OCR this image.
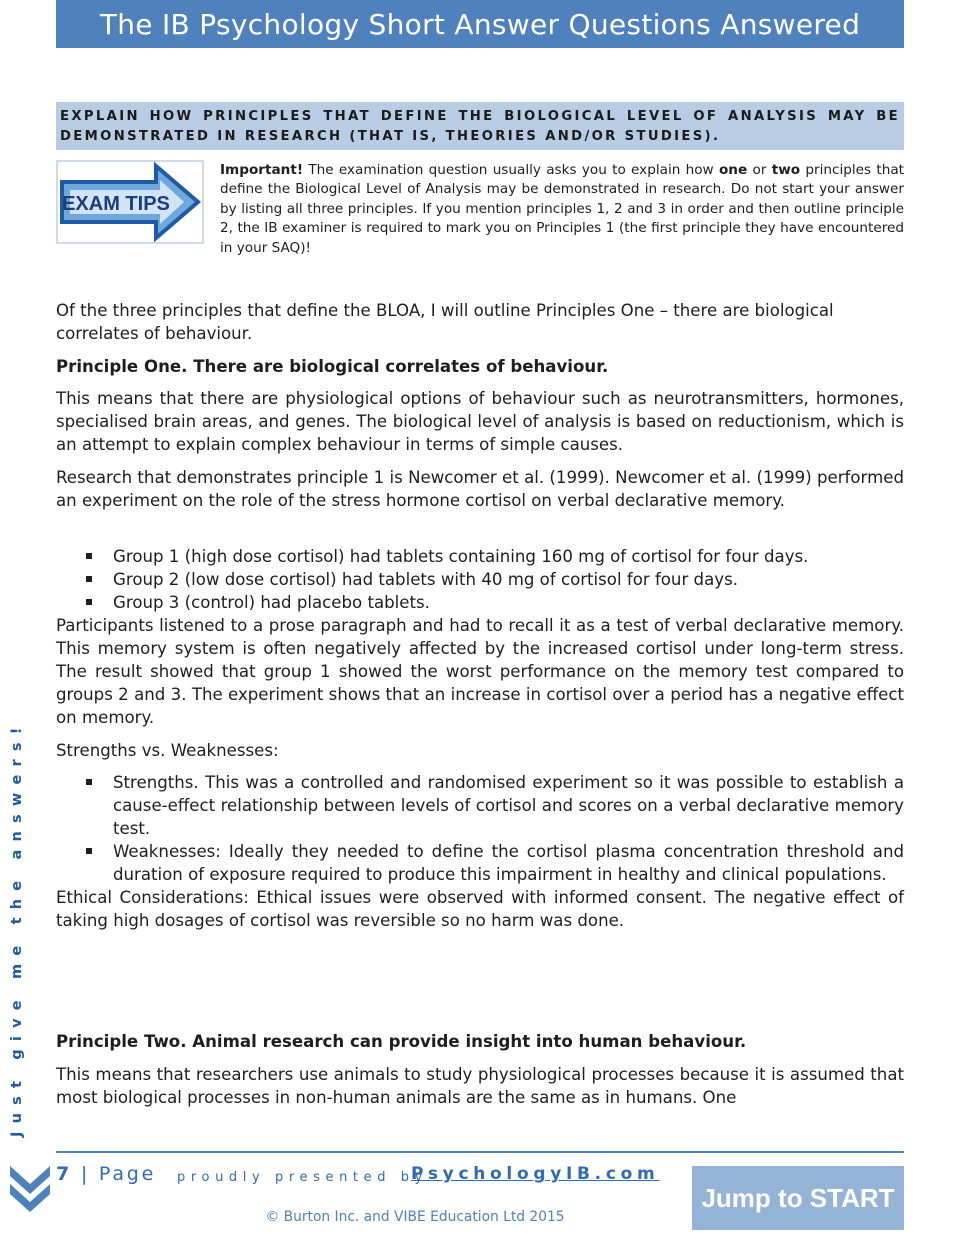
The IB Psychology Short Answer Questions Answered
EXPLAIN HOW PRINCIPLES THAT DEFINE THE BIOLOGICAL LEVEL OF ANALYSIS MAY BE DEMONSTRATED IN RESEARCH (THAT IS, THEORIES AND/OR STUDIES).
EXAM TIPS
Important! The examination question usually asks you to explain how one or two principles that define the Biological Level of Analysis may be demonstrated in research. Do not start your answer by listing all three principles. If you mention principles 1, 2 and 3 in order and then outline principle 2, the IB examiner is required to mark you on Principles 1 (the first principle they have encountered in your SAQ)!

Of the three principles that define the BLOA, I will outline Principles One – there are biological correlates of behaviour.

Principle One. There are biological correlates of behaviour.

This means that there are physiological options of behaviour such as neurotransmitters, hormones, specialised brain areas, and genes. The biological level of analysis is based on reductionism, which is an attempt to explain complex behaviour in terms of simple causes.

Research that demonstrates principle 1 is Newcomer et al. (1999). Newcomer et al. (1999) performed an experiment on the role of the stress hormone cortisol on verbal declarative memory.

Group 1 (high dose cortisol) had tablets containing 160 mg of cortisol for four days.
Group 2 (low dose cortisol) had tablets with 40 mg of cortisol for four days.
Group 3 (control) had placebo tablets.

Participants listened to a prose paragraph and had to recall it as a test of verbal declarative memory. This memory system is often negatively affected by the increased cortisol under long-term stress. The result showed that group 1 showed the worst performance on the memory test compared to groups 2 and 3. The experiment shows that an increase in cortisol over a period has a negative effect on memory.

Strengths vs. Weaknesses:

Strengths. This was a controlled and randomised experiment so it was possible to establish a cause-effect relationship between levels of cortisol and scores on a verbal declarative memory test.
Weaknesses: Ideally they needed to define the cortisol plasma concentration threshold and duration of exposure required to produce this impairment in healthy and clinical populations.

Ethical Considerations: Ethical issues were observed with informed consent. The negative effect of taking high dosages of cortisol was reversible so no harm was done.

Principle Two. Animal research can provide insight into human behaviour.

This means that researchers use animals to study physiological processes because it is assumed that most biological processes in non-human animals are the same as in humans. One

Just give me the answers!
7 | Page proudly presented by
PsychologyIB.com
© Burton Inc. and VIBE Education Ltd 2015
Jump to START
